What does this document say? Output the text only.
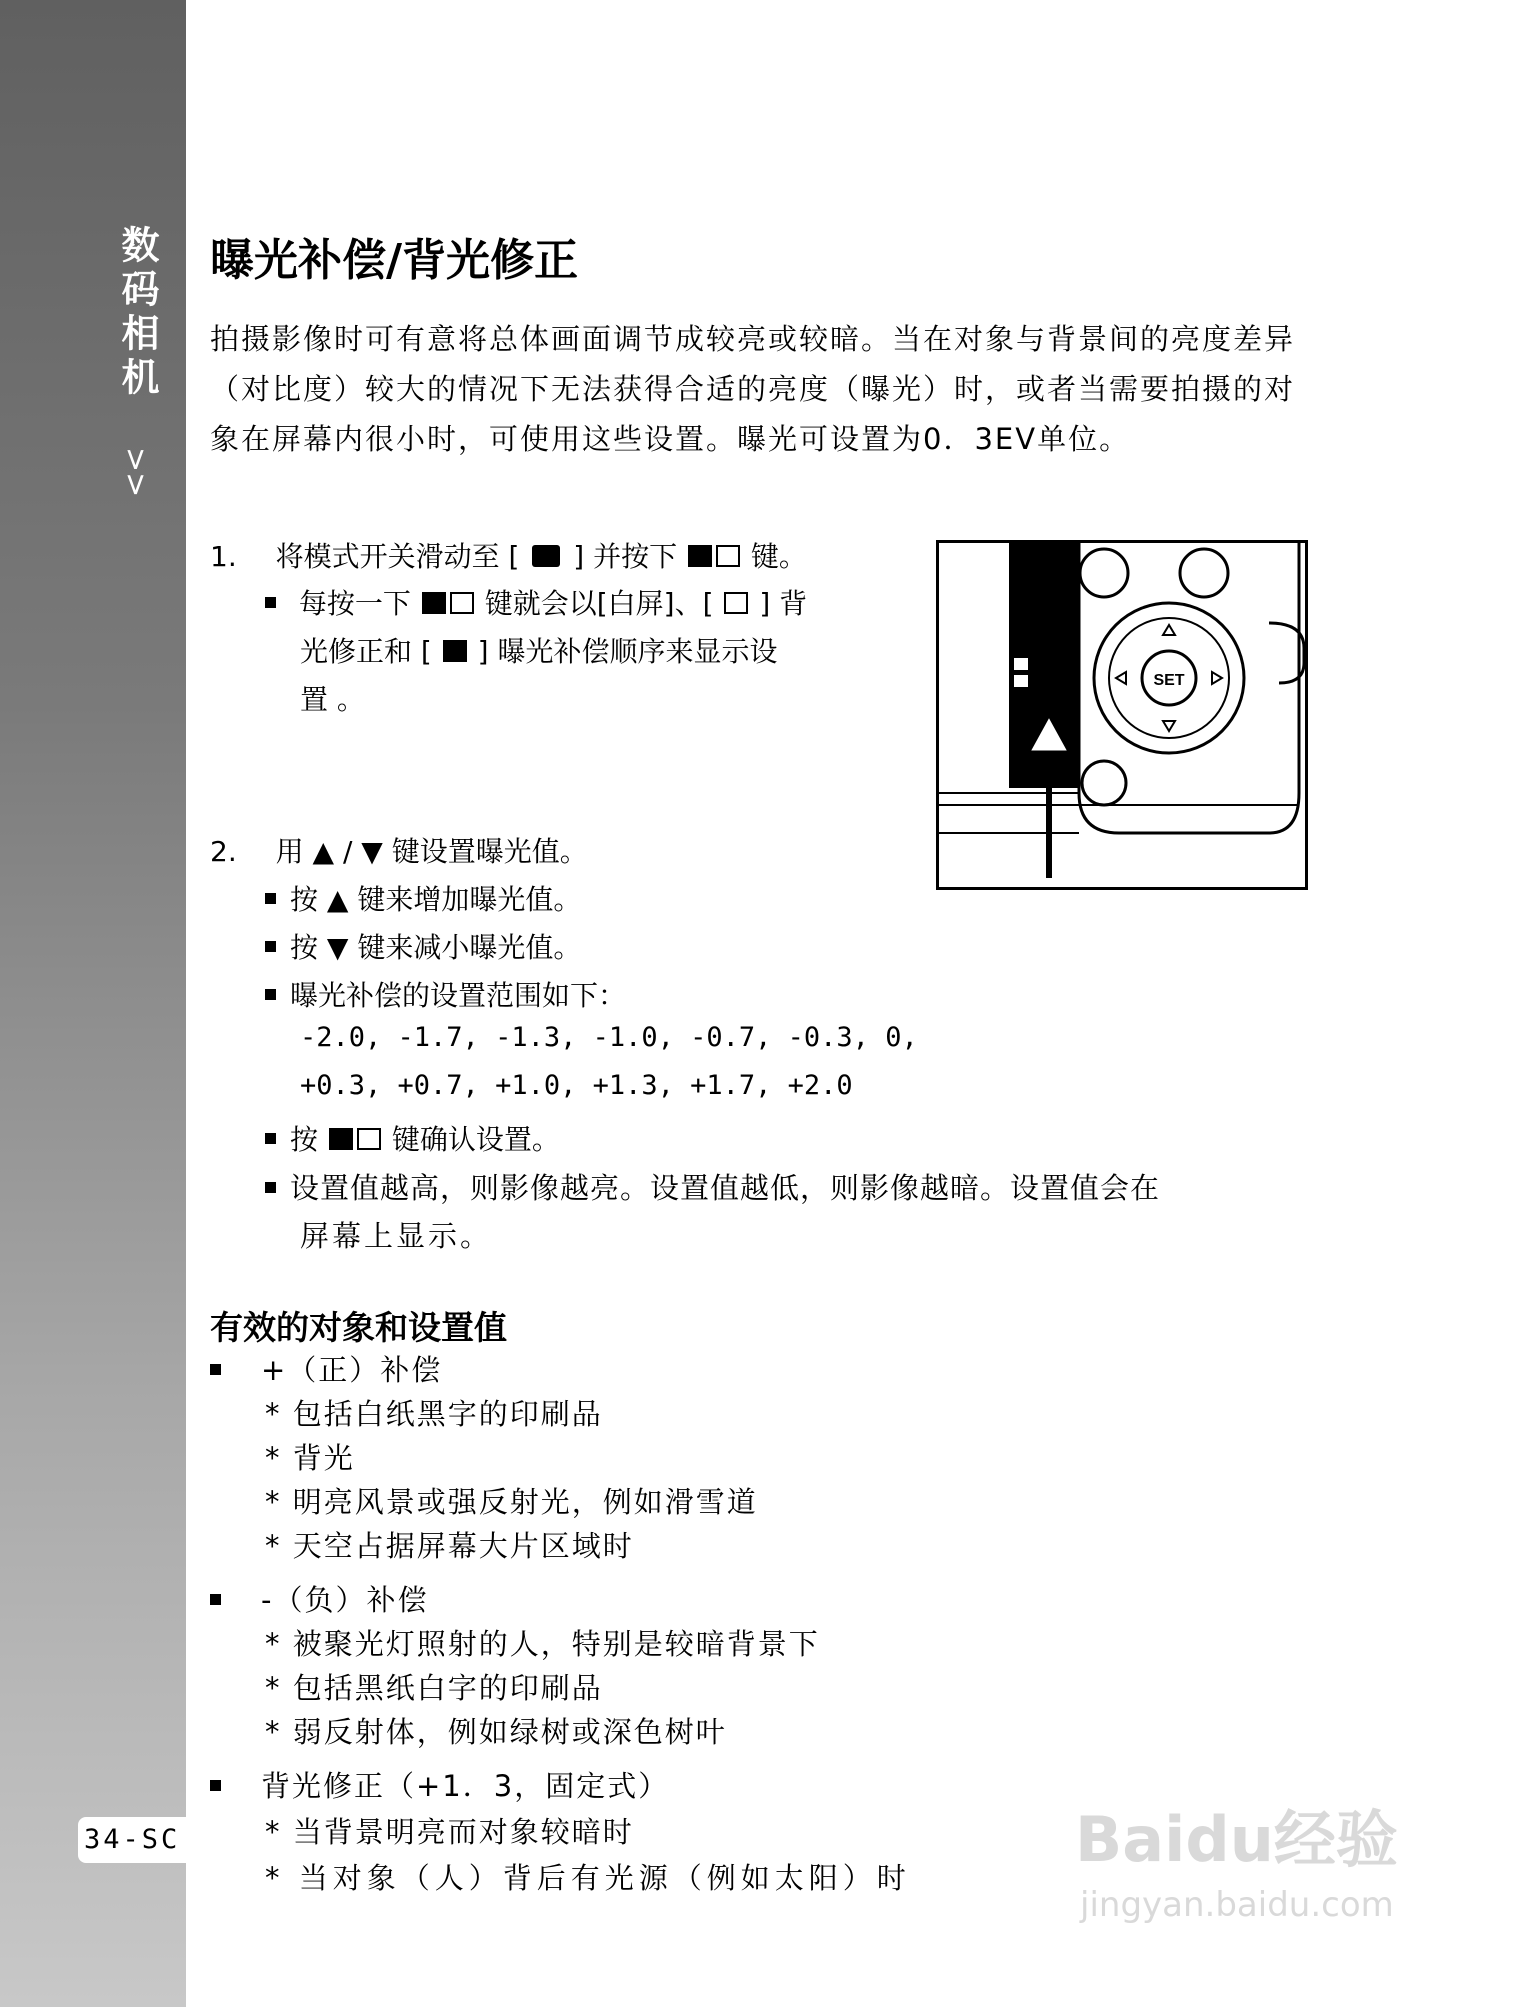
数码相机
>>
34-SC
曝光补偿/背光修正
拍摄影像时可有意将总体画面调节成较亮或较暗。当在对象与背景间的亮度差异（对比度）较大的情况下无法获得合适的亮度（曝光）时，或者当需要拍摄的对象在屏幕内很小时，可使用这些设置。曝光可设置为0．3EV单位。
1. 将模式开关滑动至 [ ] 并按下	键。
每按一下	键就会以[白屏]、[ ] 背
光修正和 [ ] 曝光补偿顺序来显示设
置 。
SET
2. 用 ▲ / ▼ 键设置曝光值。
按 ▲ 键来增加曝光值。
按 ▼ 键来减小曝光值。
曝光补偿的设置范围如下：
-2.0, -1.7, -1.3, -1.0, -0.7, -0.3, 0,
+0.3, +0.7, +1.0, +1.3, +1.7, +2.0
按	键确认设置。
设置值越高，则影像越亮。设置值越低，则影像越暗。设置值会在
屏幕上显示。
有效的对象和设置值
+（正）补偿
* 包括白纸黑字的印刷品
* 背光
* 明亮风景或强反射光，例如滑雪道
* 天空占据屏幕大片区域时
-（负）补偿
* 被聚光灯照射的人，特别是较暗背景下
* 包括黑纸白字的印刷品
* 弱反射体，例如绿树或深色树叶
背光修正（+1．3，固定式）
* 当背景明亮而对象较暗时
* 当对象（人）背后有光源（例如太阳）时
Baidu经验
jingyan.baidu.com
